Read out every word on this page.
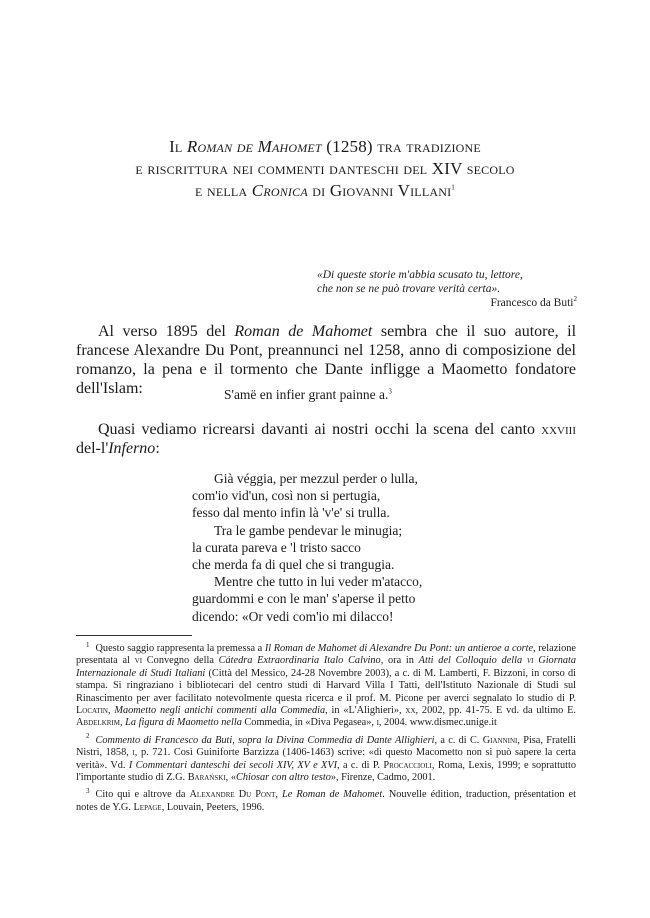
Il Roman de Mahomet (1258) tra tradizione
e riscrittura nei commenti danteschi del XIV secolo
e nella Cronica di Giovanni Villani$^1$
«Di queste storie m'abbia scusato tu, lettore,
che non se ne può trovare verità certa».
Francesco da Buti$^2$
Al verso 1895 del Roman de Mahomet sembra che il suo autore, il francese Alexandre Du Pont, preannunci nel 1258, anno di composizione del romanzo, la pena e il tormento che Dante infligge a Maometto fondatore dell'Islam:	S'amë en infier grant painne a.$^3$
Quasi vediamo ricrearsi davanti ai nostri occhi la scena del canto xxviii del-l'Inferno:
Già véggia, per mezzul perder o lulla,
com'io vid'un, così non si pertugia,
fesso dal mento infin là 'v'e' si trulla.
Tra le gambe pendevar le minugia;
la curata pareva e 'l tristo sacco
che merda fa di quel che si trangugia.
Mentre che tutto in lui veder m'atacco,
guardommi e con le man' s'aperse il petto
dicendo: «Or vedi com'io mi dilacco!
1 Questo saggio rappresenta la premessa a Il Roman de Mahomet di Alexandre Du Pont: un antieroe a corte, relazione presentata al vi Convegno della Cátedra Extraordinaria Italo Calvino, ora in Atti del Colloquio della vi Giornata Internazionale di Studi Italiani (Città del Messico, 24-28 Novembre 2003), a c. di M. Lamberti, F. Bizzoni, in corso di stampa. Si ringraziano i bibliotecari del centro studi di Harvard Villa I Tatti, dell'Istituto Nazionale di Studi sul Rinascimento per aver facilitato notevolmente questa ricerca e il prof. M. Picone per averci segnalato lo studio di P. Locatin, Maometto negli antichi commenti alla Commedia, in «L'Alighieri», xx, 2002, pp. 41-75. E vd. da ultimo E. Abdelkrim, La figura di Maometto nella Commedia, in «Diva Pegasea», i, 2004. www.dismec.unige.it
2 Commento di Francesco da Buti, sopra la Divina Commedia di Dante Allighieri, a c. di C. Giannini, Pisa, Fratelli Nistri, 1858, i, p. 721. Così Guiniforte Barzizza (1406-1463) scrive: «di questo Macometto non si può sapere la certa verità». Vd. I Commentari danteschi dei secoli XIV, XV e XVI, a c. di P. Procaccioli, Roma, Lexis, 1999; e soprattutto l'importante studio di Z.G. Barański, «Chiosar con altro testo», Firenze, Cadmo, 2001.
3 Cito qui e altrove da Alexandre Du Pont, Le Roman de Mahomet. Nouvelle édition, traduction, présentation et notes de Y.G. Lepage, Louvain, Peeters, 1996.
